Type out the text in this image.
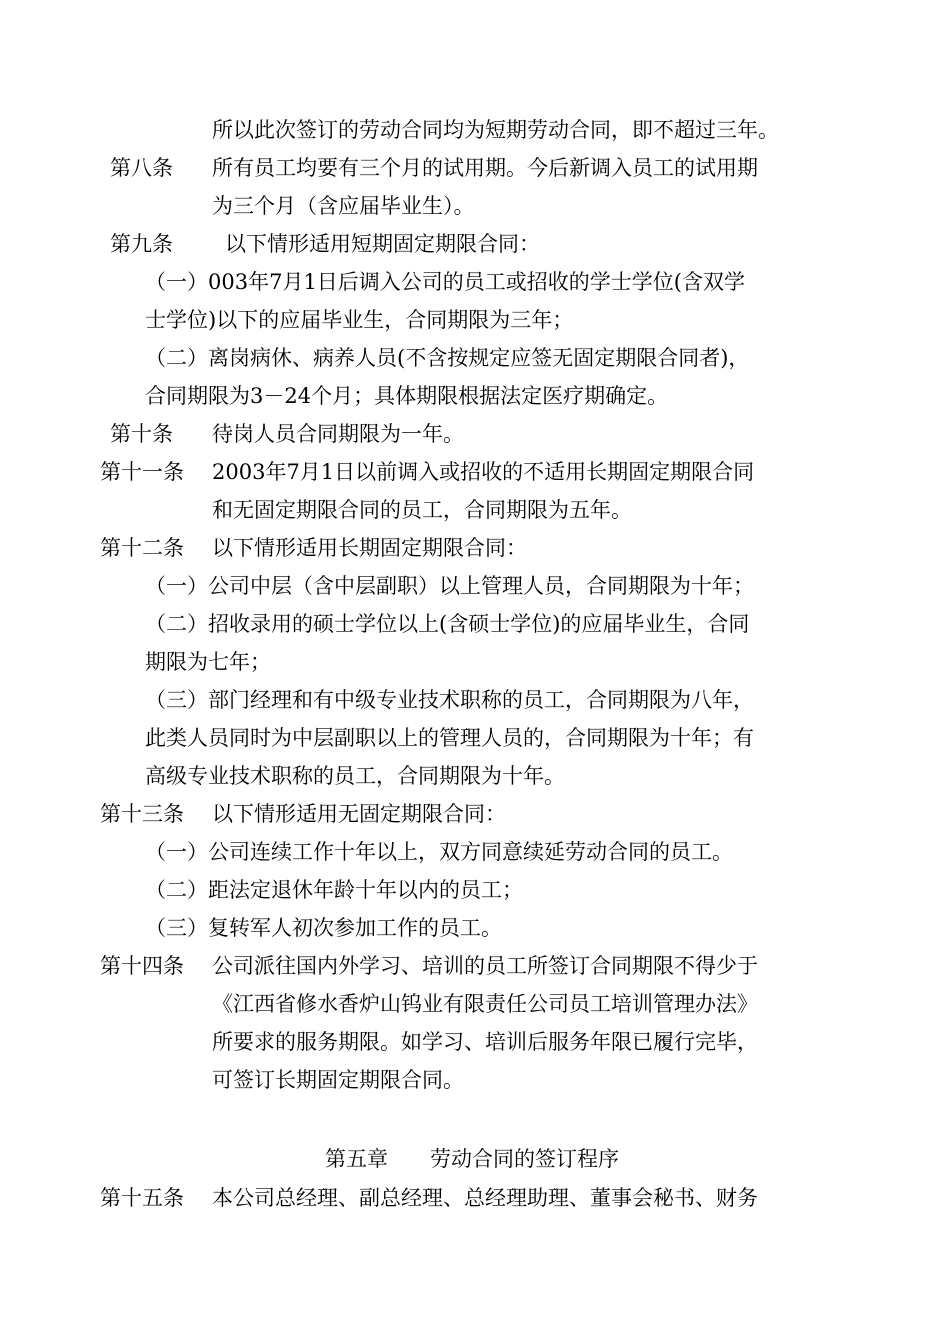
所以此次签订的劳动合同均为短期劳动合同，即不超过三年。
第八条 所有员工均要有三个月的试用期。今后新调入员工的试用期
为三个月（含应届毕业生）。
第九条 以下情形适用短期固定期限合同：
（一）003年7月1日后调入公司的员工或招收的学士学位(含双学
士学位)以下的应届毕业生，合同期限为三年；
（二）离岗病休、病养人员(不含按规定应签无固定期限合同者)，
合同期限为3－24个月；具体期限根据法定医疗期确定。
第十条 待岗人员合同期限为一年。
第十一条 2003年7月1日以前调入或招收的不适用长期固定期限合同
和无固定期限合同的员工，合同期限为五年。
第十二条 以下情形适用长期固定期限合同：
（一）公司中层（含中层副职）以上管理人员，合同期限为十年；
（二）招收录用的硕士学位以上(含硕士学位)的应届毕业生，合同
期限为七年；
（三）部门经理和有中级专业技术职称的员工，合同期限为八年，
此类人员同时为中层副职以上的管理人员的，合同期限为十年；有
高级专业技术职称的员工，合同期限为十年。
第十三条 以下情形适用无固定期限合同：
（一）公司连续工作十年以上，双方同意续延劳动合同的员工。
（二）距法定退休年龄十年以内的员工；
（三）复转军人初次参加工作的员工。
第十四条 公司派往国内外学习、培训的员工所签订合同期限不得少于
《江西省修水香炉山钨业有限责任公司员工培训管理办法》
所要求的服务期限。如学习、培训后服务年限已履行完毕，
可签订长期固定期限合同。
第五章　　劳动合同的签订程序
第十五条 本公司总经理、副总经理、总经理助理、董事会秘书、财务
